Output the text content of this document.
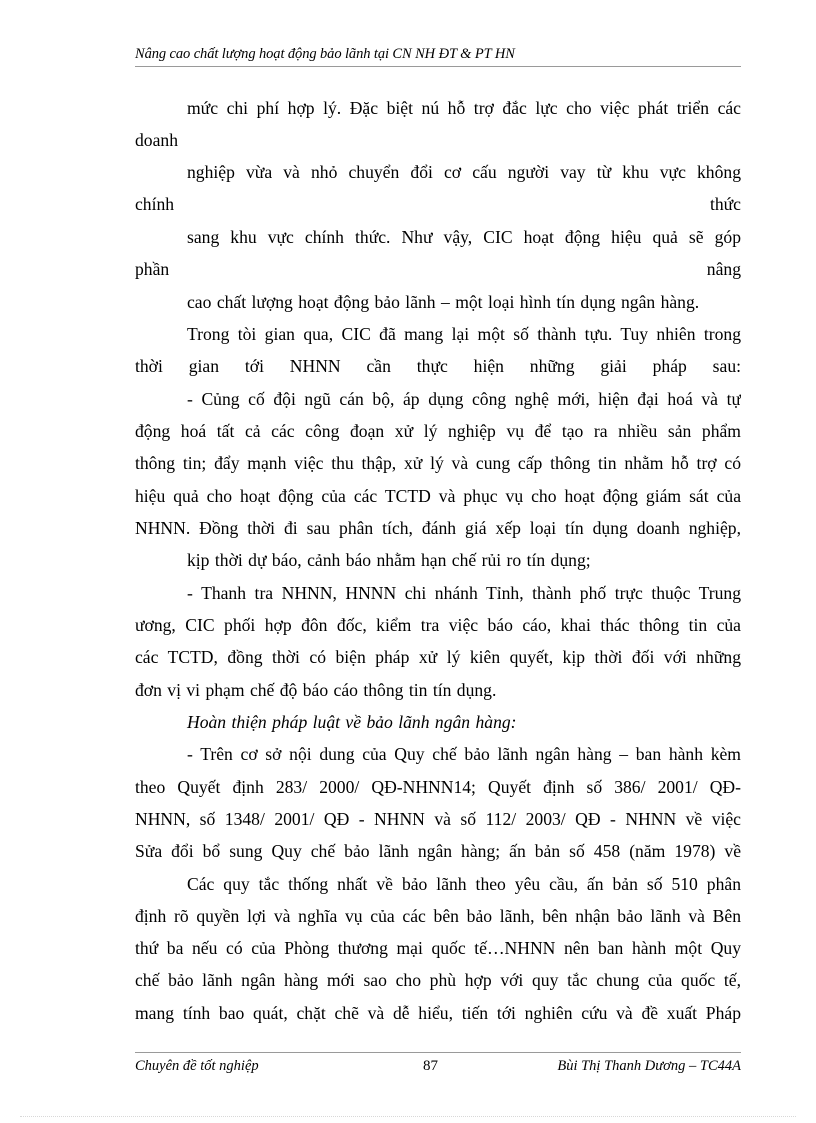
Nâng cao chất lượng hoạt động bảo lãnh tại CN NH ĐT & PT HN
mức chi phí hợp lý. Đặc biệt nú hỗ trợ đắc lực cho việc phát triển các
doanh
nghiệp vừa và nhỏ chuyển đổi cơ cấu người vay từ khu vực không
chính thức
sang khu vực chính thức. Như vậy, CIC hoạt động hiệu quả sẽ góp
phần nâng
cao chất lượng hoạt động bảo lãnh – một loại hình tín dụng ngân hàng.
Trong tòi gian qua, CIC đã mang lại một số thành tựu. Tuy nhiên trong
thời gian tới NHNN cần thực hiện những giải pháp sau:
- Củng cố đội ngũ cán bộ, áp dụng công nghệ mới, hiện đại hoá và tự
động hoá tất cả các công đoạn xử lý nghiệp vụ để tạo ra nhiều sản phẩm
thông tin; đẩy mạnh việc thu thập, xử lý và cung cấp thông tin nhằm hỗ trợ có
hiệu quả cho hoạt động của các TCTD và phục vụ cho hoạt động giám sát của
NHNN. Đồng thời đi sau phân tích, đánh giá xếp loại tín dụng doanh nghiệp,
kịp thời dự báo, cảnh báo nhằm hạn chế rủi ro tín dụng;
- Thanh tra NHNN, HNNN chi nhánh Tỉnh, thành phố trực thuộc Trung
ương, CIC phối hợp đôn đốc, kiểm tra việc báo cáo, khai thác thông tin của
các TCTD, đồng thời có biện pháp xử lý kiên quyết, kịp thời đối với những
đơn vị vi phạm chế độ báo cáo thông tin tín dụng.
Hoàn thiện pháp luật về bảo lãnh ngân hàng:
- Trên cơ sở nội dung của Quy chế bảo lãnh ngân hàng – ban hành kèm
theo Quyết định 283/ 2000/ QĐ-NHNN14; Quyết định số 386/ 2001/ QĐ-
NHNN, số 1348/ 2001/ QĐ - NHNN và số 112/ 2003/ QĐ - NHNN về việc
Sửa đổi bổ sung Quy chế bảo lãnh ngân hàng; ấn bản số 458 (năm 1978) về
Các quy tắc thống nhất về bảo lãnh theo yêu cầu, ấn bản số 510 phân
định rõ quyền lợi và nghĩa vụ của các bên bảo lãnh, bên nhận bảo lãnh và Bên
thứ ba nếu có của Phòng thương mại quốc tế…NHNN nên ban hành một Quy
chế bảo lãnh ngân hàng mới sao cho phù hợp với quy tắc chung của quốc tế,
mang tính bao quát, chặt chẽ và dễ hiểu, tiến tới nghiên cứu và đề xuất Pháp
Chuyên đề tốt nghiệp	87	Bùi Thị Thanh Dương – TC44A
